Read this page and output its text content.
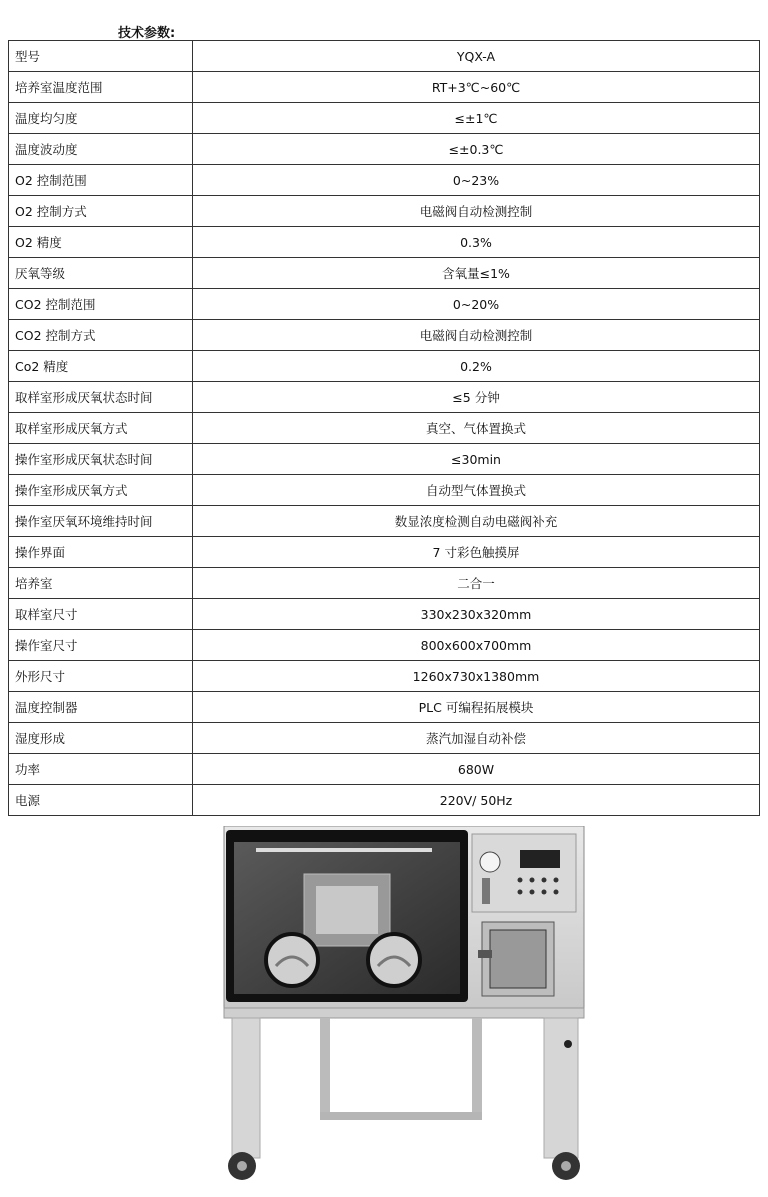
技术参数:
型号	YQX-A
培养室温度范围	RT+3℃~60℃
温度均匀度	≤±1℃
温度波动度	≤±0.3℃
O2 控制范围	0~23%
O2 控制方式	电磁阀自动检测控制
O2 精度	0.3%
厌氧等级	含氧量≤1%
CO2 控制范围	0~20%
CO2 控制方式	电磁阀自动检测控制
Co2 精度	0.2%
取样室形成厌氧状态时间	≤5 分钟
取样室形成厌氧方式	真空、气体置换式
操作室形成厌氧状态时间	≤30min
操作室形成厌氧方式	自动型气体置换式
操作室厌氧环境维持时间	数显浓度检测自动电磁阀补充
操作界面	7 寸彩色触摸屏
培养室	二合一
取样室尺寸	330x230x320mm
操作室尺寸	800x600x700mm
外形尺寸	1260x730x1380mm
温度控制器	PLC 可编程拓展模块
湿度形成	蒸汽加湿自动补偿
功率	680W
电源	220V/ 50Hz
